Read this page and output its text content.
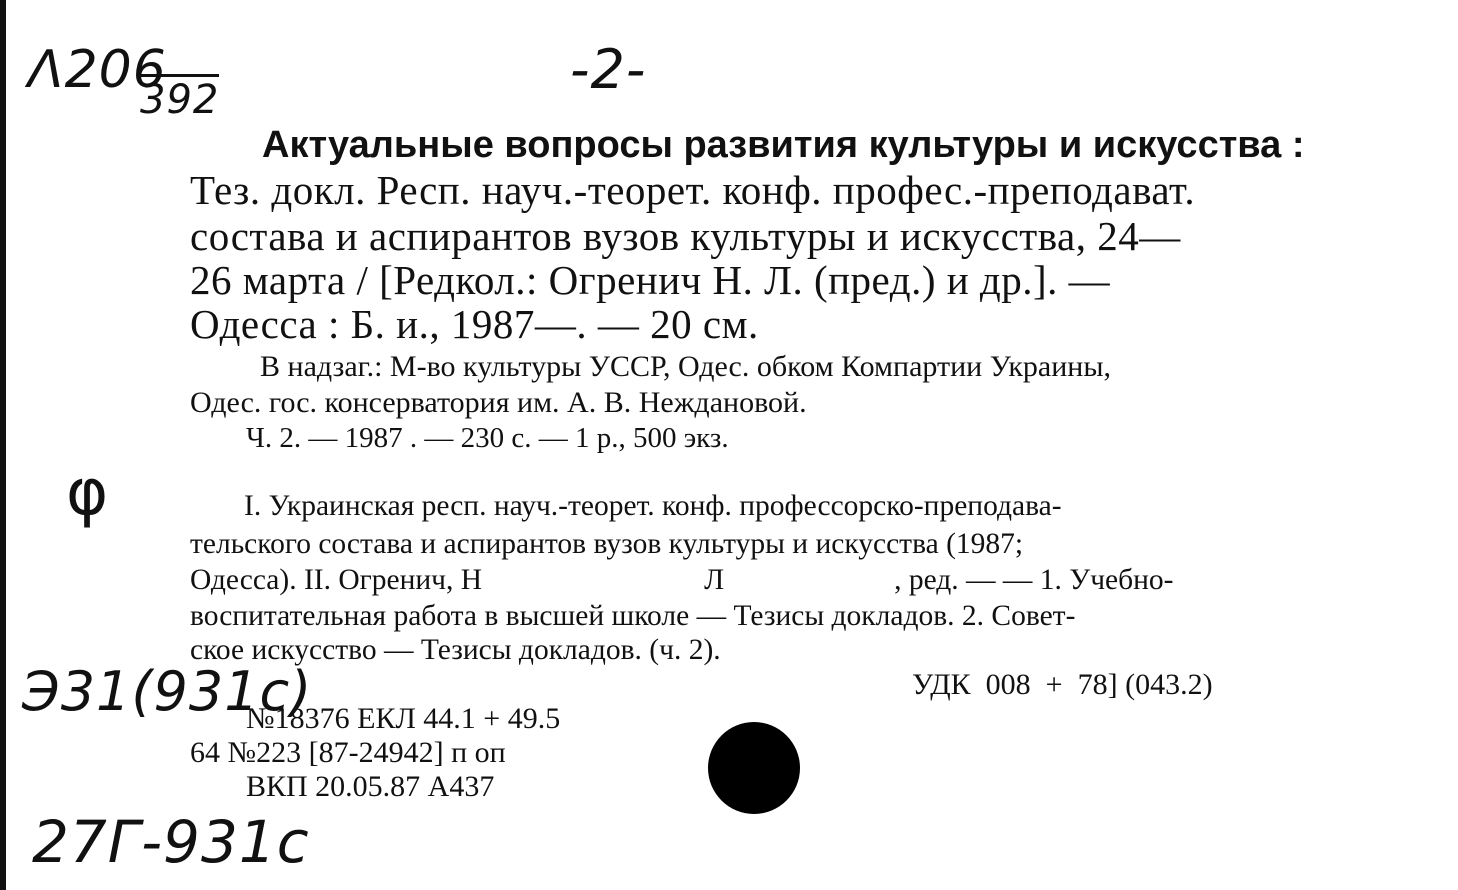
Λ206
392	-2-
φ
Э31(931с)
27Г-931с
Актуальные вопросы развития культуры и искусства :
Тез. докл. Респ. науч.-теорет. конф. профес.-преподават.
состава и аспирантов вузов культуры и искусства, 24—
26 марта / [Редкол.: Огренич Н. Л. (пред.) и др.]. —
Одесса : Б. и., 1987—. — 20 см.
В надзаг.: М-во культуры УССР, Одес. обком Компартии Украины,
Одес. гос. консерватория им. А. В. Неждановой.
Ч. 2. — 1987 . — 230 с. — 1 р., 500 экз.
I. Украинская респ. науч.-теорет. конф. профессорско-преподава-
тельского состава и аспирантов вузов культуры и искусства (1987;
Одесса). II. Огренич, Н	Л	, ред. — — 1. Учебно-
воспитательная работа в высшей школе — Тезисы докладов. 2. Совет-
ское искусство — Тезисы докладов. (ч. 2).
УДК  008  +  78] (043.2)
№18376 ЕКЛ 44.1 + 49.5
64 №223 [87-24942] п оп
ВКП 20.05.87 А437
